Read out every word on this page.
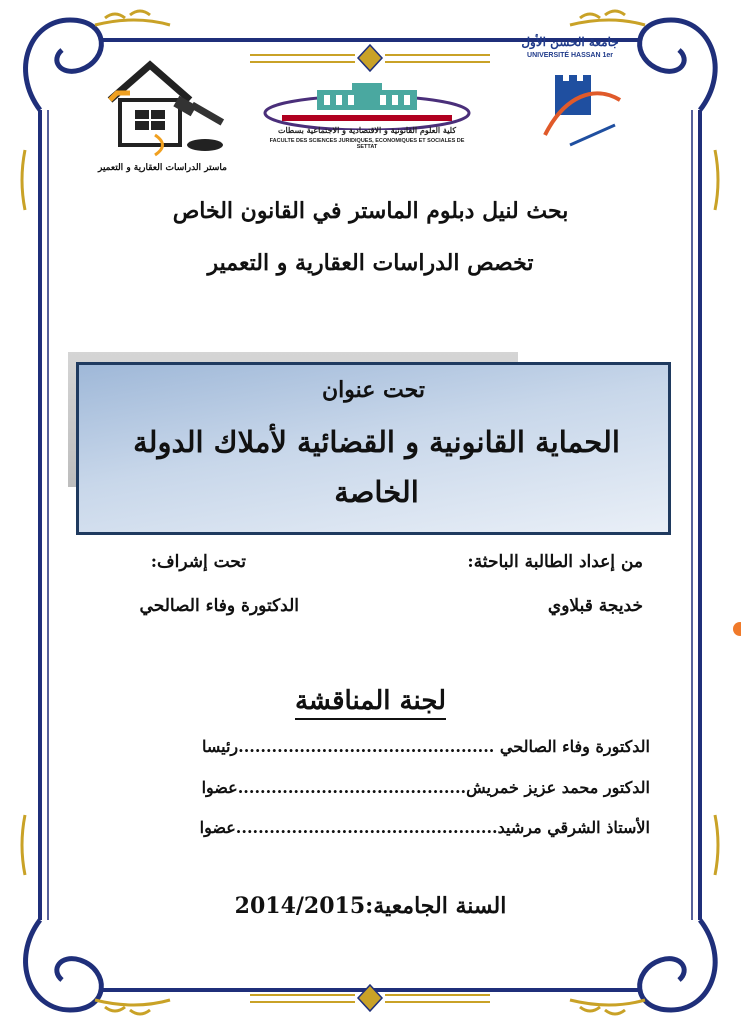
ماستر الدراسات العقارية و التعمير
كلية العلوم القانونية و الاقتصادية و الاجتماعية بسطات
FACULTE DES SCIENCES JURIDIQUES, ECONOMIQUES ET SOCIALES DE SETTAT
جامعة الحسن الأول
UNIVERSITÉ HASSAN 1er
بحث لنيل دبلوم الماستر في القانون الخاص
تخصص الدراسات العقارية و التعمير
تحت عنوان
الحماية القانونية و القضائية لأملاك الدولة الخاصة
من إعداد الطالبة الباحثة:
خديجة قبلاوي
تحت إشراف:
الدكتورة وفاء الصالحي
لجنة المناقشة
الدكتورة وفاء الصالحي ..............................................رئيسا
الدكتور محمد عزيز خمريش.........................................عضوا
الأستاذ الشرقي مرشيد...............................................عضوا
السنة الجامعية:2014/2015
